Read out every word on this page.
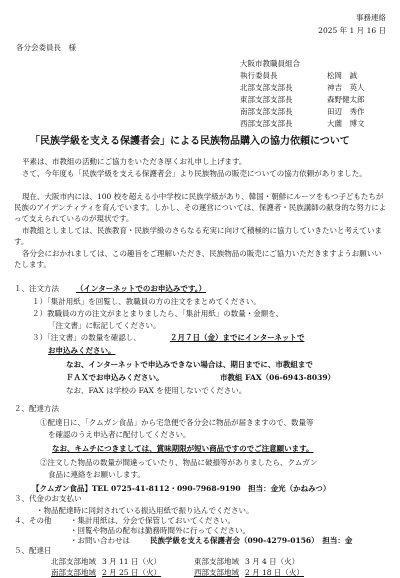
事務連絡
2025 年 1 月 16 日
各分会委員長　様
大阪市教職員組合
執行委員長	松岡　誠
北部支部支部長	神吉　英人
東部支部支部長	森野健太郎
南部支部支部長	田辺　秀作
西部支部支部長	大薗　博文
「民族学級を支える保護者会」による民族物品購入の協力依頼について
平素は、市教組の活動にご協力をいただき厚くお礼申し上げます。
さて、今年度も「民族学級を支える保護者会」より民族物品の販売についての協力依頼がありました。
現在、大阪市内には、100 校を超える小中学校に民族学級があり、韓国・朝鮮にルーツをもつ子どもたちが民族のアイデンティティを育んでいます。しかし、その運営については、保護者・民族講師の献身的な努力によって支えられているのが現状です。
市教組としましては、民族教育・民族学級のさらなる充実に向けて積極的に協力していきたいと考えています。
各分会におかれましては、この趣旨をご理解いただき、民族物品の販売にご協力いただきますようお願いいたします。
１、注文方法 （インターネットでのお申込みです。）
１）「集計用紙」を回覧し、教職員の方の注文をまとめてください。
２）教職員の方の注文がまとまりましたら、「集計用紙」の数量・金額を、
「注文書」に転記してください。
３）「注文書」の数量を確認し、	２月７日（金）までにインターネットで
お申込みください。
なお、インターネットで申込みできない場合は、期日までに、市教組まで
ＦＡＸでお申込みください。	市教組 FAX（06-6943-8039）
なお、FAX は学校の FAX を使用しないでください。
２、配達方法
①配達日に、「クムガン食品」から宅急便で各分会に物品が届きますので、数量等
を確認のうえ申込者に配付してください。
なお、キムチにつきましては、賞味期限が短い商品ですのでご注意願います。
②注文した物品の数量が間違っていたり、物品に破損等がありましたら、クムガン
食品に連絡をお願いします。
【クムガン食品】TEL 0725-41-8112・090-7968-9190　担当：金光（かねみつ）
３、代金のお支払い
・物品配達時に同封されている振込用紙で振り込んでください。
５、配達日
北部支部地域	3 月 11 日（火）	東部支部地域	3 月 4 日（火）
南部支部地域	2 月 25 日（火）	西部支部地域	2 月 18 日（火）
４、その他 ・集計用紙は、分会で保管しておいてください。
・回覧や物品の配布は勤務時間外に行ってください。
・お問い合わせは	民族学級を支える保護者会（090-4279-0156）　担当：金
